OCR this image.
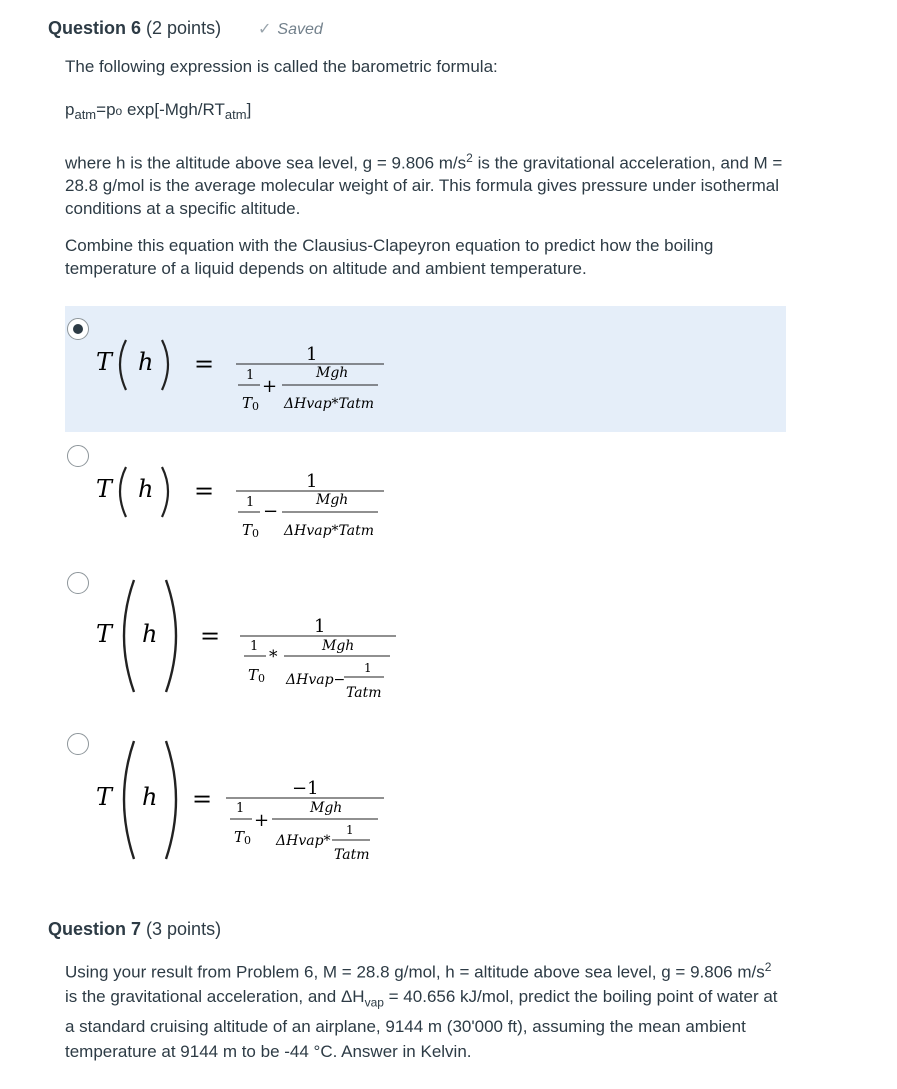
Question 6 (2 points) ✓ Saved
The following expression is called the barometric formula:
$p_{atm}=po$ $\exp[-Mgh/RT_{atm}]$
where h is the altitude above sea level, g = 9.806 $m/s^2$ is the gravitational acceleration, and M = 28.8 g/mol is the average molecular weight of air. This formula gives pressure under isothermal conditions at a specific altitude.
Combine this equation with the Clausius-Clapeyron equation to predict how the boiling temperature of a liquid depends on altitude and ambient temperature.
T h =	1
1
T 0
+
Mgh
ΔHvap*Tatm
T h =	1
1
T 0
−
Mgh
ΔHvap*Tatm
T h =	1
1
T 0
*
Mgh
ΔHvap−
1
Tatm
T h =	−1
1
T 0
+
Mgh
ΔHvap*
1
Tatm
Question 7 (3 points)
Using your result from Problem 6, M = 28.8 g/mol, h = altitude above sea level, g = 9.806 $m/s^2$ is the gravitational acceleration, and $\Delta H_{vap} = 40.656$ kJ/mol, predict the boiling point of water at a standard cruising altitude of an airplane, 9144 m (30'000 ft), assuming the mean ambient temperature at 9144 m to be -44 °C. Answer in Kelvin.
